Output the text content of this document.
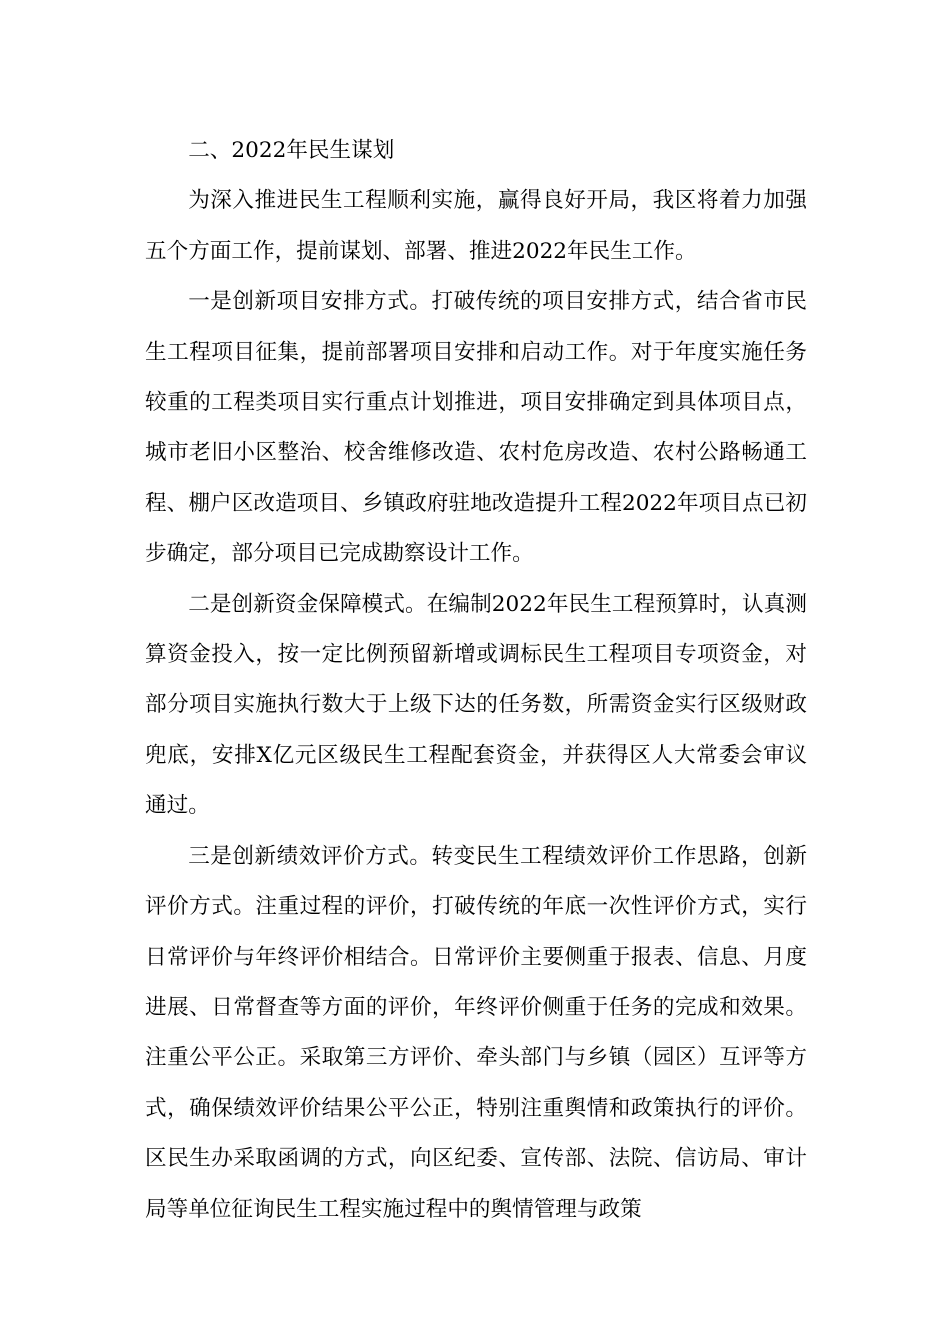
二、2022年民生谋划

为深入推进民生工程顺利实施，赢得良好开局，我区将着力加强五个方面工作，提前谋划、部署、推进2022年民生工作。

一是创新项目安排方式。打破传统的项目安排方式，结合省市民生工程项目征集，提前部署项目安排和启动工作。对于年度实施任务较重的工程类项目实行重点计划推进，项目安排确定到具体项目点，城市老旧小区整治、校舍维修改造、农村危房改造、农村公路畅通工程、棚户区改造项目、乡镇政府驻地改造提升工程2022年项目点已初步确定，部分项目已完成勘察设计工作。

二是创新资金保障模式。在编制2022年民生工程预算时，认真测算资金投入，按一定比例预留新增或调标民生工程项目专项资金，对部分项目实施执行数大于上级下达的任务数，所需资金实行区级财政兜底，安排X亿元区级民生工程配套资金，并获得区人大常委会审议通过。

三是创新绩效评价方式。转变民生工程绩效评价工作思路，创新评价方式。注重过程的评价，打破传统的年底一次性评价方式，实行日常评价与年终评价相结合。日常评价主要侧重于报表、信息、月度进展、日常督查等方面的评价，年终评价侧重于任务的完成和效果。注重公平公正。采取第三方评价、牵头部门与乡镇（园区）互评等方式，确保绩效评价结果公平公正，特别注重舆情和政策执行的评价。区民生办采取函调的方式，向区纪委、宣传部、法院、信访局、审计局等单位征询民生工程实施过程中的舆情管理与政策
